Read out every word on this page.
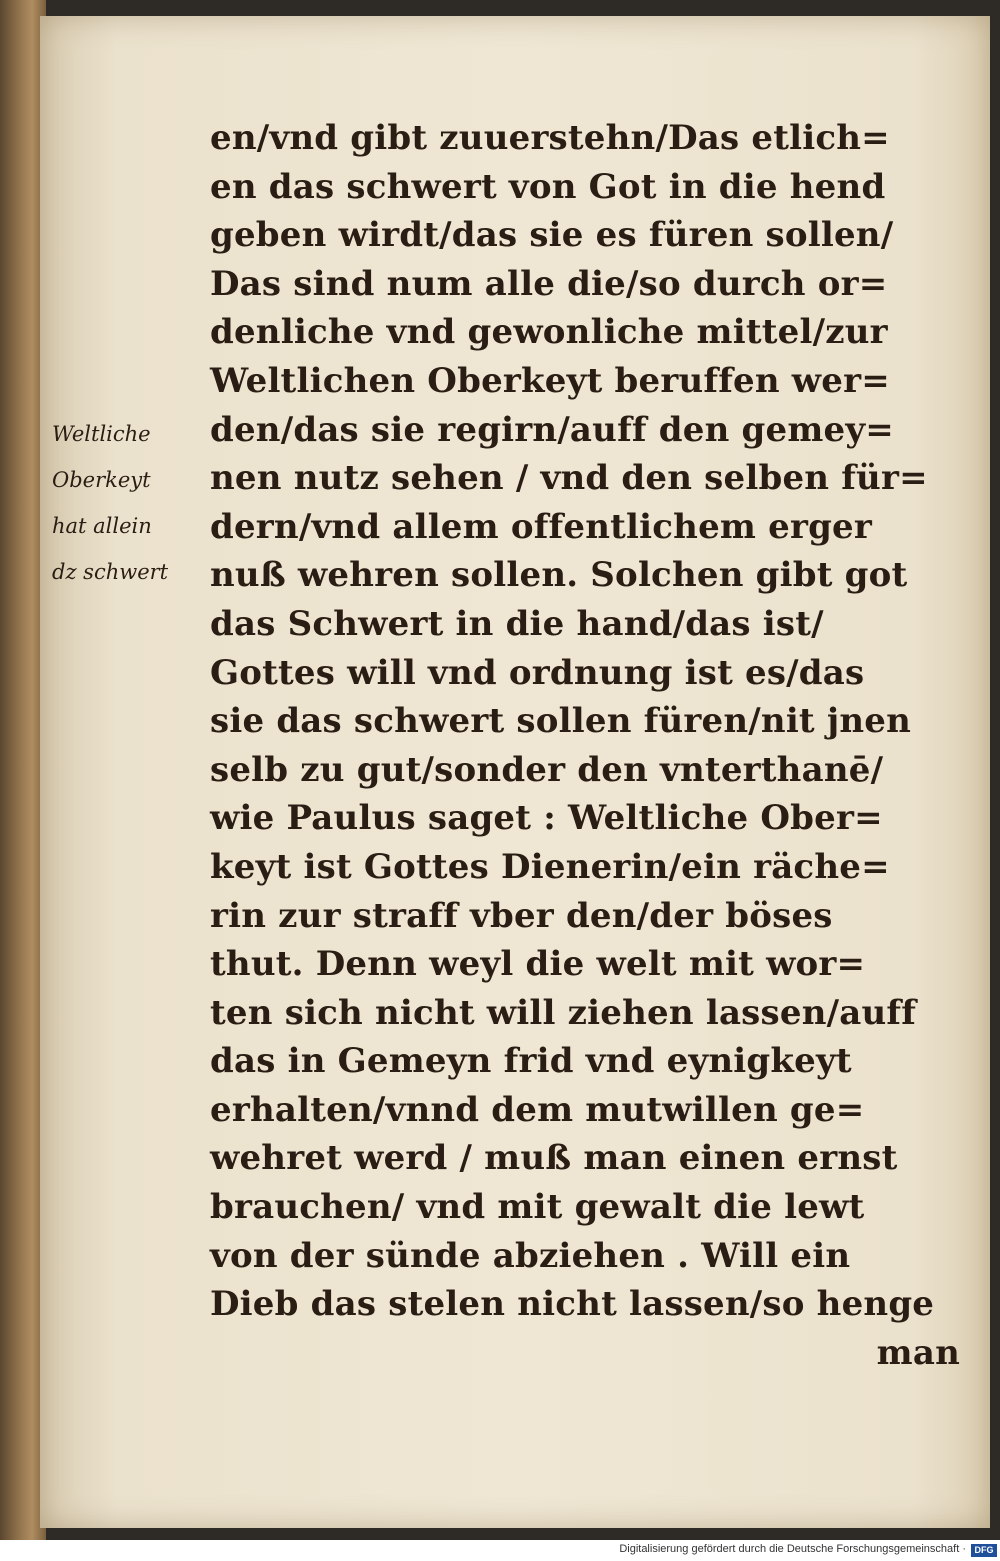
Weltliche
Oberkeyt
hat allein
dz schwert
en/vnd gibt zuuerstehn/Das etlich=
en das schwert von Got in die hend
geben wirdt/das sie es füren sollen/
Das sind num alle die/so durch or=
denliche vnd gewonliche mittel/zur
Weltlichen Oberkeyt beruffen wer=
den/das sie regirn/auff den gemey=
nen nutz sehen / vnd den selben für=
dern/vnd allem offentlichem erger
nuß wehren sollen. Solchen gibt got
das Schwert in die hand/das ist/
Gottes will vnd ordnung ist es/das
sie das schwert sollen füren/nit jnen
selb zu gut/sonder den vnterthanē/
wie Paulus saget : Weltliche Ober=
keyt ist Gottes Dienerin/ein räche=
rin zur straff vber den/der böses
thut. Denn weyl die welt mit wor=
ten sich nicht will ziehen lassen/auff
das in Gemeyn frid vnd eynigkeyt
erhalten/vnnd dem mutwillen ge=
wehret werd / muß man einen ernst
brauchen/ vnd mit gewalt die lewt
von der sünde abziehen . Will ein
Dieb das stelen nicht lassen/so henge
man
Digitalisierung gefördert durch die Deutsche Forschungsgemeinschaft · DFG
